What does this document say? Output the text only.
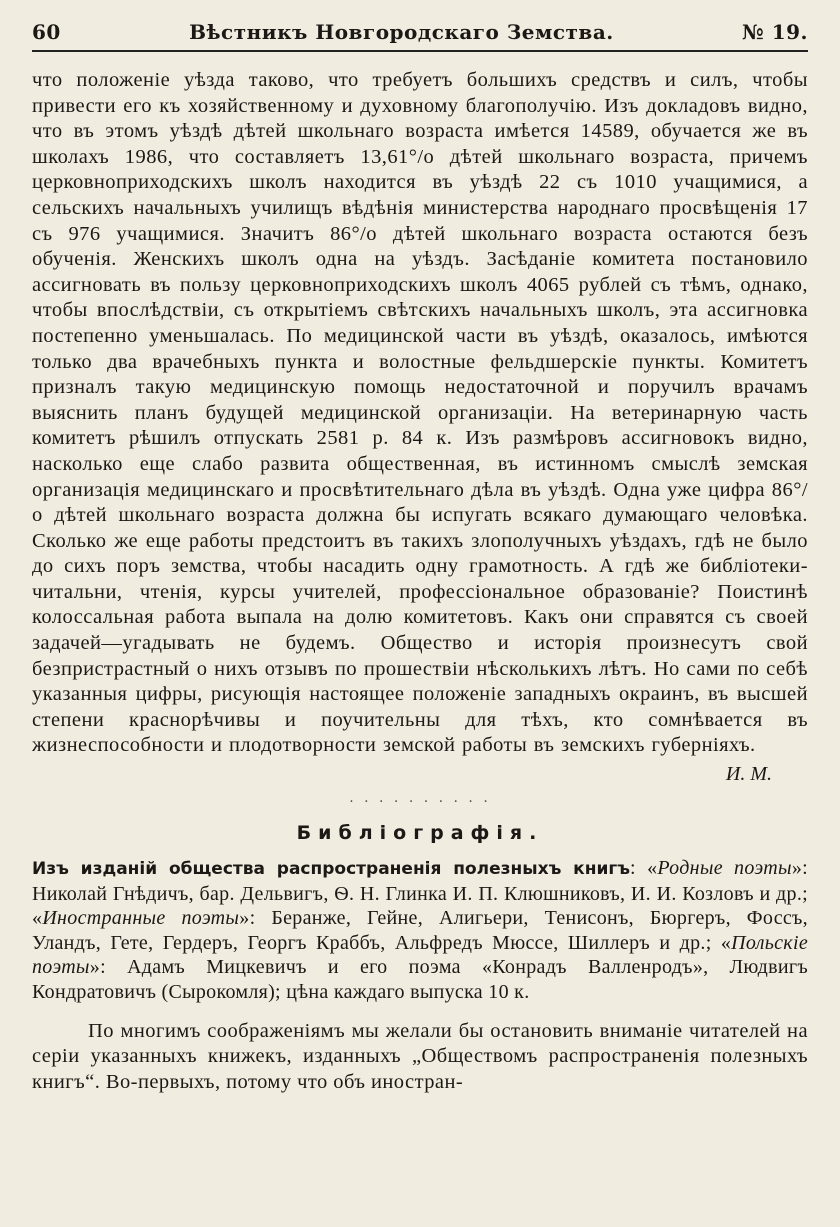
60	Вѣстникъ Новгородскаго Земства.	№ 19.

что положенiе уѣзда таково, что требуетъ большихъ средствъ и силъ, чтобы привести его къ хозяйственному и духовному благополучiю. Изъ докладовъ видно, что въ этомъ уѣздѣ дѣтей школьнаго возраста имѣется 14589, обучается же въ школахъ 1986, что составляетъ 13,61°/о дѣтей школьнаго возраста, причемъ церковноприходскихъ школъ находится въ уѣздѣ 22 съ 1010 учащимися, а сельскихъ начальныхъ училищъ вѣдѣнiя министерства народнаго просвѣщенiя 17 съ 976 учащимися. Значитъ 86°/о дѣтей школьнаго возраста остаются безъ обученiя. Женскихъ школъ одна на уѣздъ. Засѣданiе комитета постановило ассигновать въ пользу церковноприходскихъ школъ 4065 рублей съ тѣмъ, однако, чтобы впослѣдствiи, съ открытiемъ свѣтскихъ начальныхъ школъ, эта ассигновка постепенно уменьшалась. По медицинской части въ уѣздѣ, оказалось, имѣются только два врачебныхъ пункта и волостные фельдшерскiе пункты. Комитетъ призналъ такую медицинскую помощь недостаточной и поручилъ врачамъ выяснить планъ будущей медицинской организацiи. На ветеринарную часть комитетъ рѣшилъ отпускать 2581 р. 84 к. Изъ размѣровъ ассигновокъ видно, насколько еще слабо развита общественная, въ истинномъ смыслѣ земская организацiя медицинскаго и просвѣтительнаго дѣла въ уѣздѣ. Одна уже цифра 86°/о дѣтей школьнаго возраста должна бы испугать всякаго думающаго человѣка. Сколько же еще работы предстоитъ въ такихъ злополучныхъ уѣздахъ, гдѣ не было до сихъ поръ земства, чтобы насадить одну грамотность. А гдѣ же библiотеки-читальни, чтенiя, курсы учителей, профессiональное образованiе? Поистинѣ колоссальная работа выпала на долю комитетовъ. Какъ они справятся съ своей задачей—угадывать не будемъ. Общество и исторiя произнесутъ свой безпристрастный о нихъ отзывъ по прошествiи нѣсколькихъ лѣтъ. Но сами по себѣ указанныя цифры, рисующiя настоящее положенiе западныхъ окраинъ, въ высшей степени краснорѣчивы и поучительны для тѣхъ, кто сомнѣвается въ жизнеспособности и плодотворности земской работы въ земскихъ губернiяхъ.

И. М.
. . . . . . . . . .
Библiографiя.
Изъ изданiй общества распространенiя полезныхъ книгъ: «Родные поэты»: Николай Гнѣдичъ, бар. Дельвигъ, Ѳ. Н. Глинка И. П. Клюшниковъ, И. И. Козловъ и др.; «Иностранные поэты»: Беранже, Гейне, Алигьери, Тенисонъ, Бюргеръ, Фоссъ, Уландъ, Гете, Гердеръ, Георгъ Краббъ, Альфредъ Мюссе, Шиллеръ и др.; «Польскiе поэты»: Адамъ Мицкевичъ и его поэма «Конрадъ Валленродъ», Людвигъ Кондратовичъ (Сырокомля); цѣна каждаго выпуска 10 к.

По многимъ соображенiямъ мы желали бы остановить вниманiе читателей на серiи указанныхъ книжекъ, изданныхъ „Обществомъ распространенiя полезныхъ книгъ“. Во-первыхъ, потому что объ иностран-
